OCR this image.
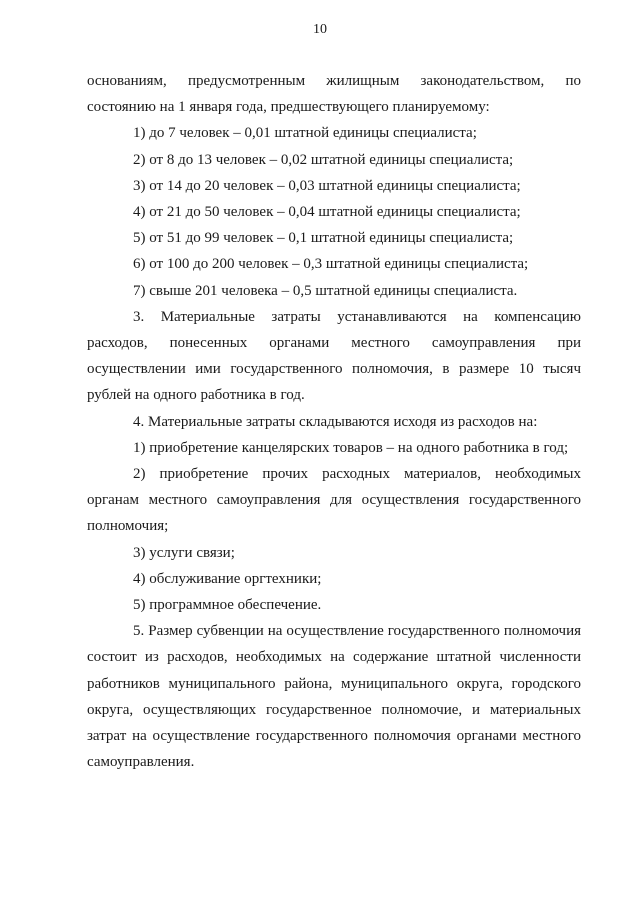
10

основаниям, предусмотренным жилищным законодательством, по состоянию на 1 января года, предшествующего планируемому:

1) до 7 человек – 0,01 штатной единицы специалиста;

2) от 8 до 13 человек – 0,02 штатной единицы специалиста;

3) от 14 до 20 человек – 0,03 штатной единицы специалиста;

4) от 21 до 50 человек – 0,04 штатной единицы специалиста;

5) от 51 до 99 человек – 0,1 штатной единицы специалиста;

6) от 100 до 200 человек – 0,3 штатной единицы специалиста;

7) свыше 201 человека – 0,5 штатной единицы специалиста.

3. Материальные затраты устанавливаются на компенсацию расходов, понесенных органами местного самоуправления при осуществлении ими государственного полномочия, в размере 10 тысяч рублей на одного работника в год.

4. Материальные затраты складываются исходя из расходов на:

1) приобретение канцелярских товаров – на одного работника в год;

2) приобретение прочих расходных материалов, необходимых органам местного самоуправления для осуществления государственного полномочия;

3) услуги связи;

4) обслуживание оргтехники;

5) программное обеспечение.

5. Размер субвенции на осуществление государственного полномочия состоит из расходов, необходимых на содержание штатной численности работников муниципального района, муниципального округа, городского округа, осуществляющих государственное полномочие, и материальных затрат на осуществление государственного полномочия органами местного самоуправления.
